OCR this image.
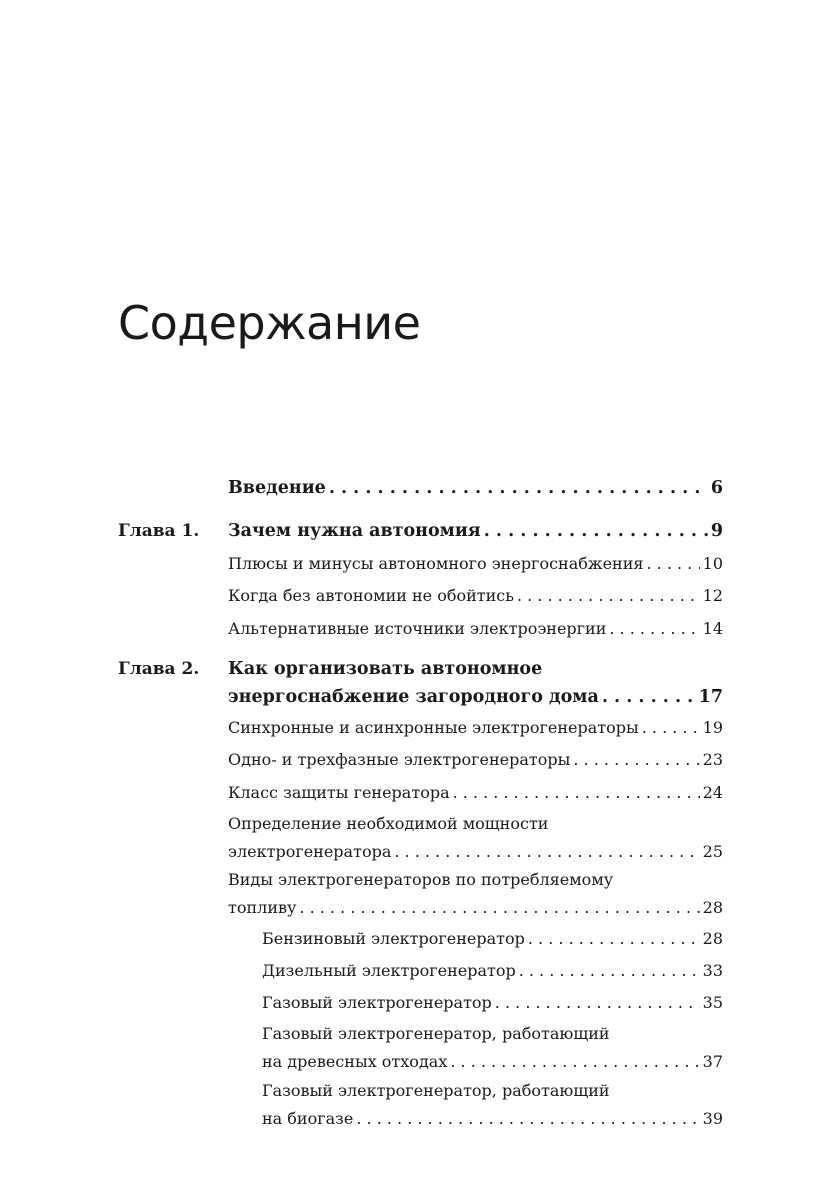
Содержание
Введение . . .	6
Глава 1. Зачем нужна автономия . . .	9
Плюсы и минусы автономного энергоснабжения . . .	10
Когда без автономии не обойтись . . .	12
Альтернативные источники электроэнергии . . .	14
Глава 2. Как организовать автономное
энергоснабжение загородного дома . . .	17
Синхронные и асинхронные электрогенераторы . . .	19
Одно- и трехфазные электрогенераторы . . .	23
Класс защиты генератора . . .	24
Определение необходимой мощности
электрогенератора . . .	25
Виды электрогенераторов по потребляемому
топливу . . .	28
Бензиновый электрогенератор . . .	28
Дизельный электрогенератор . . .	33
Газовый электрогенератор . . .	35
Газовый электрогенератор, работающий
на древесных отходах . . .	37
Газовый электрогенератор, работающий
на биогазе . . .	39
